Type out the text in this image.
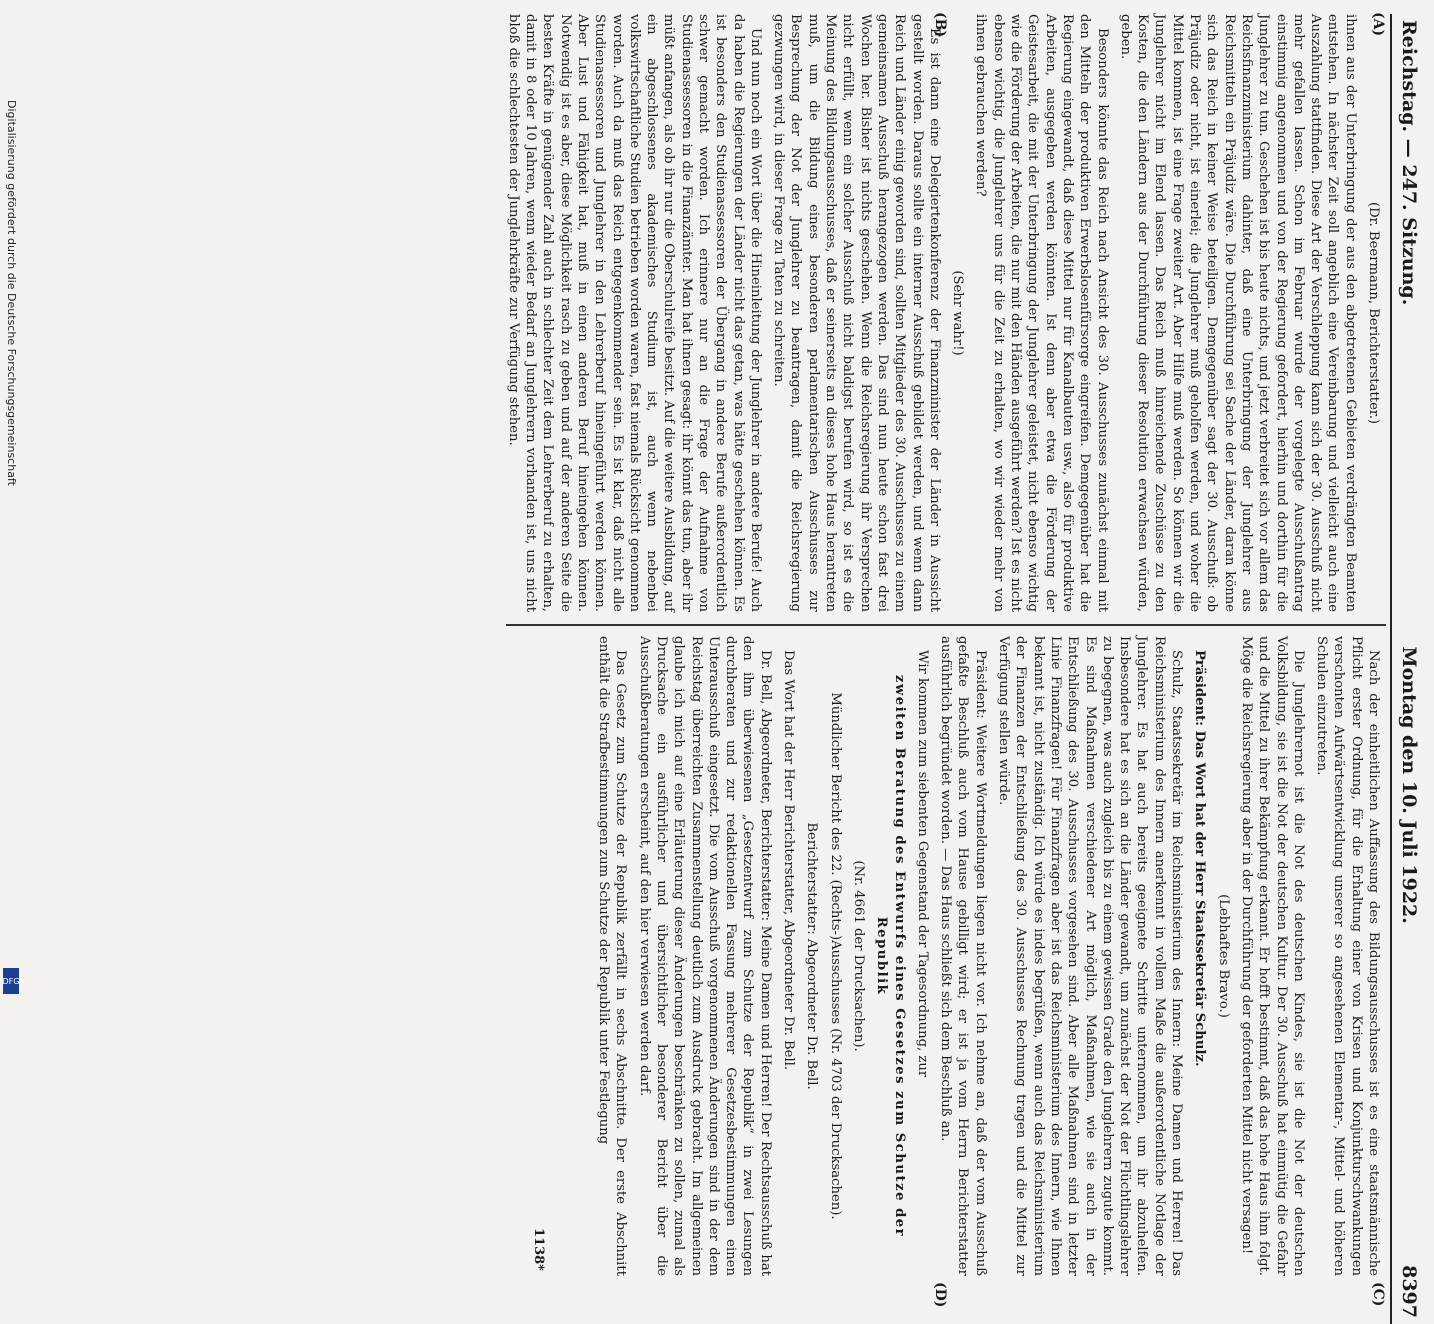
Digitalisierung gefördert durch die Deutsche Forschungsgemeinschaft
DFG
Reichstag. — 247. Sitzung.
Montag den 10. Juli 1922.
8397
(A)
(B)
(C)
(D)

(Dr. Beermann, Berichterstatter.)

ihnen aus der Unterbringung der aus den abgetretenen Gebieten verdrängten Beamten entstehen. In nächster Zeit soll angeblich eine Vereinbarung und vielleicht auch eine Auszahlung stattfinden. Diese Art der Verschleppung kann sich der 30. Ausschuß nicht mehr gefallen lassen. Schon im Februar wurde der vorgelegte Ausschußantrag einstimmig angenommen und von der Regierung gefordert, hierhin und dorthin für die Junglehrer zu tun. Geschehen ist bis heute nichts, und jetzt verbreitet sich vor allem das Reichsfinanzministerium dahinter, daß eine Unterbringung der Junglehrer aus Reichsmitteln ein Präjudiz wäre. Die Durchführung sei Sache der Länder, daran könne sich das Reich in keiner Weise beteiligen. Demgegenüber sagt der 30. Ausschuß: ob Präjudiz oder nicht, ist einerlei; die Junglehrer muß geholfen werden, und woher die Mittel kommen, ist eine Frage zweiter Art. Aber Hilfe muß werden. So können wir die Junglehrer nicht im Elend lassen. Das Reich muß hinreichende Zuschüsse zu den Kosten, die den Ländern aus der Durchführung dieser Resolution erwachsen würden, geben.

Besonders könnte das Reich nach Ansicht des 30. Ausschusses zunächst einmal mit den Mitteln der produktiven Erwerbslosenfürsorge eingreifen. Demgegenüber hat die Regierung eingewandt, daß diese Mittel nur für Kanalbauten usw., also für produktive Arbeiten, ausgegeben werden könnten. Ist denn aber etwa die Förderung der Geistesarbeit, die mit der Unterbringung der Junglehrer geleistet, nicht ebenso wichtig wie die Förderung der Arbeiten, die nur mit den Händen ausgeführt werden? Ist es nicht ebenso wichtig, die Junglehrer uns für die Zeit zu erhalten, wo wir wieder mehr von ihnen gebrauchen werden?

(Sehr wahr!)

Es ist dann eine Delegiertenkonferenz der Finanzminister der Länder in Aussicht gestellt worden. Daraus sollte ein interner Ausschuß gebildet werden, und wenn dann Reich und Länder einig geworden sind, sollten Mitglieder des 30. Ausschusses zu einem gemeinsamen Ausschuß herangezogen werden. Das sind nun heute schon fast drei Wochen her. Bisher ist nichts geschehen. Wenn die Reichsregierung ihr Versprechen nicht erfüllt, wenn ein solcher Ausschuß nicht baldigst berufen wird, so ist es die Meinung des Bildungsausschusses, daß er seinerseits an dieses hohe Haus herantreten muß, um die Bildung eines besonderen parlamentarischen Ausschusses zur Besprechung der Not der Junglehrer zu beantragen, damit die Reichsregierung gezwungen wird, in dieser Frage zu Taten zu schreiten.

Und nun noch ein Wort über die Hineinleitung der Junglehrer in andere Berufe! Auch da haben die Regierungen der Länder nicht das getan, was hätte geschehen können. Es ist besonders den Studienassessoren der Übergang in andere Berufe außerordentlich schwer gemacht worden. Ich erinnere nur an die Frage der Aufnahme von Studienassessoren in die Finanzämter. Man hat ihnen gesagt: ihr könnt das tun, aber ihr müßt anfangen, als ob ihr nur die Oberschulreife besitzt. Auf die weitere Ausbildung, auf ein abgeschlossenes akademisches Studium ist, auch wenn nebenbei volkswirtschaftliche Studien betrieben worden waren, fast niemals Rücksicht genommen worden. Auch da muß das Reich entgegenkommender sein. Es ist klar, daß nicht alle Studienassessoren und Junglehrer in den Lehrerberuf hineingeführt werden können. Aber Lust und Fähigkeit hat, muß in einen anderen Beruf hineingehen können. Notwendig ist es aber, diese Möglichkeit rasch zu geben und auf der anderen Seite die besten Kräfte in genügender Zahl auch in schlechter Zeit dem Lehrerberuf zu erhalten, damit in 8 oder 10 Jahren, wenn wieder Bedarf an Junglehrern vorhanden ist, uns nicht bloß die schlechtesten der Junglehrkräfte zur Verfügung stehen.

Nach der einheitlichen Auffassung des Bildungsausschusses ist es eine staatsmännische Pflicht erster Ordnung, für die Erhaltung einer von Krisen und Konjunkturschwankungen verschonten Aufwärtsentwicklung unserer so angesehenen Elementar-, Mittel- und höheren Schulen einzutreten.

Die Junglehrernot ist die Not des deutschen Kindes, sie ist die Not der deutschen Volksbildung, sie ist die Not der deutschen Kultur. Der 30. Ausschuß hat einmütig die Gefahr und die Mittel zu ihrer Bekämpfung erkannt. Er hofft bestimmt, daß das hohe Haus ihm folgt. Möge die Reichsregierung aber in der Durchführung der geforderten Mittel nicht versagen!

(Lebhaftes Bravo.)

Präsident: Das Wort hat der Herr Staatssekretär Schulz.

Schulz, Staatssekretär im Reichsministerium des Innern: Meine Damen und Herren! Das Reichsministerium des Innern anerkennt in vollem Maße die außerordentliche Notlage der Junglehrer. Es hat auch bereits geeignete Schritte unternommen, um ihr abzuhelfen. Insbesondere hat es sich an die Länder gewandt, um zunächst der Not der Flüchtlingslehrer zu begegnen, was auch zugleich bis zu einem gewissen Grade den Junglehrern zugute kommt. Es sind Maßnahmen verschiedener Art möglich, Maßnahmen, wie sie auch in der Entschließung des 30. Ausschusses vorgesehen sind. Aber alle Maßnahmen sind in letzter Linie Finanzfragen! Für Finanzfragen aber ist das Reichsministerium des Innern, wie Ihnen bekannt ist, nicht zuständig. Ich würde es indes begrüßen, wenn auch das Reichsministerium der Finanzen der Entschließung des 30. Ausschusses Rechnung tragen und die Mittel zur Verfügung stellen würde.

Präsident: Weitere Wortmeldungen liegen nicht vor. Ich nehme an, daß der vom Ausschuß gefaßte Beschluß auch vom Hause gebilligt wird; er ist ja vom Herrn Berichterstatter ausführlich begründet worden. — Das Haus schließt sich dem Beschluß an.

Wir kommen zum siebenten Gegenstand der Tagesordnung, zur

zweiten Beratung des Entwurfs eines Gesetzes zum Schutze der Republik

(Nr. 4661 der Drucksachen).

Mündlicher Bericht des 22. (Rechts-)Ausschusses (Nr. 4703 der Drucksachen).

Berichterstatter: Abgeordneter Dr. Bell.

Das Wort hat der Herr Berichterstatter, Abgeordneter Dr. Bell.

Dr. Bell, Abgeordneter, Berichterstatter: Meine Damen und Herren! Der Rechtsausschuß hat den ihm überwiesenen „Gesetzentwurf zum Schutze der Republik“ in zwei Lesungen durchberaten und zur redaktionellen Fassung mehrerer Gesetzesbestimmungen einen Unterausschuß eingesetzt. Die vom Ausschuß vorgenommenen Änderungen sind in der dem Reichstag überreichten Zusammenstellung deutlich zum Ausdruck gebracht. Im allgemeinen glaube ich mich auf eine Erläuterung dieser Änderungen beschränken zu sollen, zumal als Drucksache ein ausführlicher und übersichtlicher besonderer Bericht über die Ausschußberatungen erscheint, auf den hier verwiesen werden darf.

Das Gesetz zum Schutze der Republik zerfällt in sechs Abschnitte. Der erste Abschnitt enthält die Strafbestimmungen zum Schutze der Republik unter Festlegung

1138*
